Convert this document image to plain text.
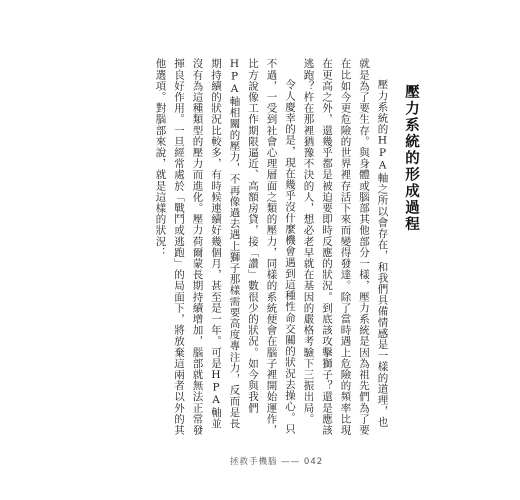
壓力系統的形成過程

壓力系統的HPA軸之所以會存在，和我們具備情感是一樣的道理，也就是為了要生存。與身體或腦部其他部分一樣，壓力系統是因為祖先們為了要在比如今更危險的世界裡存活下來而變得發達。除了當時遇上危險的頻率比現在更高之外，還幾乎都是被迫要即時反應的狀況。到底該攻擊獅子？還是應該逃跑？杵在那裡猶豫不決的人，想必老早就在基因的嚴格考驗下三振出局。

令人慶幸的是，現在幾乎沒什麼機會遇到這種性命交關的狀況去操心。只不過，一受到社會心理層面之類的壓力，同樣的系統便會在腦子裡開始運作，比方說像工作期限逼近、高額房貸，接「讚」數很少的狀況。如今與我們HPA軸相關的壓力，不再像過去遇上獅子那樣需要高度專注力，反而是長期持續的狀況比較多，有時候連續好幾個月，甚至是一年。可是HPA軸並沒有為這種類型的壓力而進化。壓力荷爾蒙長期持續增加，腦部就無法正常發揮良好作用。一旦經常處於「戰鬥或逃跑」的局面下，將放棄這兩者以外的其他選項。對腦部來說，就是這樣的狀況：

拯救手機腦 —— 042
